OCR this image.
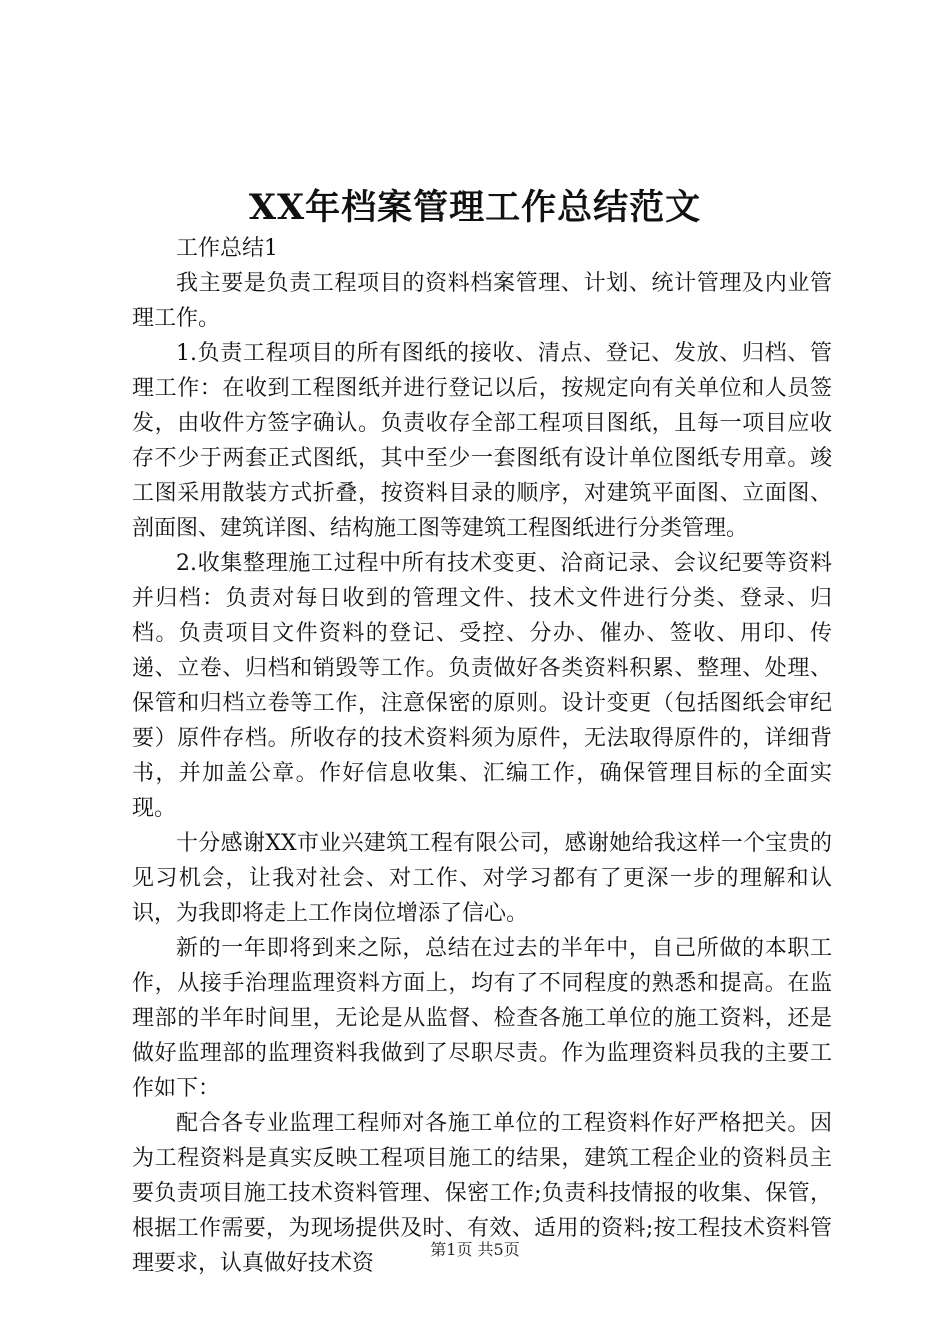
XX年档案管理工作总结范文

工作总结1

我主要是负责工程项目的资料档案管理、计划、统计管理及内业管理工作。

1.负责工程项目的所有图纸的接收、清点、登记、发放、归档、管理工作：在收到工程图纸并进行登记以后，按规定向有关单位和人员签发，由收件方签字确认。负责收存全部工程项目图纸，且每一项目应收存不少于两套正式图纸，其中至少一套图纸有设计单位图纸专用章。竣工图采用散装方式折叠，按资料目录的顺序，对建筑平面图、立面图、剖面图、建筑详图、结构施工图等建筑工程图纸进行分类管理。

2.收集整理施工过程中所有技术变更、洽商记录、会议纪要等资料并归档：负责对每日收到的管理文件、技术文件进行分类、登录、归档。负责项目文件资料的登记、受控、分办、催办、签收、用印、传递、立卷、归档和销毁等工作。负责做好各类资料积累、整理、处理、保管和归档立卷等工作，注意保密的原则。设计变更（包括图纸会审纪要）原件存档。所收存的技术资料须为原件，无法取得原件的，详细背书，并加盖公章。作好信息收集、汇编工作，确保管理目标的全面实现。

十分感谢XX市业兴建筑工程有限公司，感谢她给我这样一个宝贵的见习机会，让我对社会、对工作、对学习都有了更深一步的理解和认识，为我即将走上工作岗位增添了信心。

新的一年即将到来之际，总结在过去的半年中，自己所做的本职工作，从接手治理监理资料方面上，均有了不同程度的熟悉和提高。在监理部的半年时间里，无论是从监督、检查各施工单位的施工资料，还是做好监理部的监理资料我做到了尽职尽责。作为监理资料员我的主要工作如下：

配合各专业监理工程师对各施工单位的工程资料作好严格把关。因为工程资料是真实反映工程项目施工的结果，建筑工程企业的资料员主要负责项目施工技术资料管理、保密工作;负责科技情报的收集、保管，根据工作需要，为现场提供及时、有效、适用的资料;按工程技术资料管理要求，认真做好技术资

第1页 共5页
